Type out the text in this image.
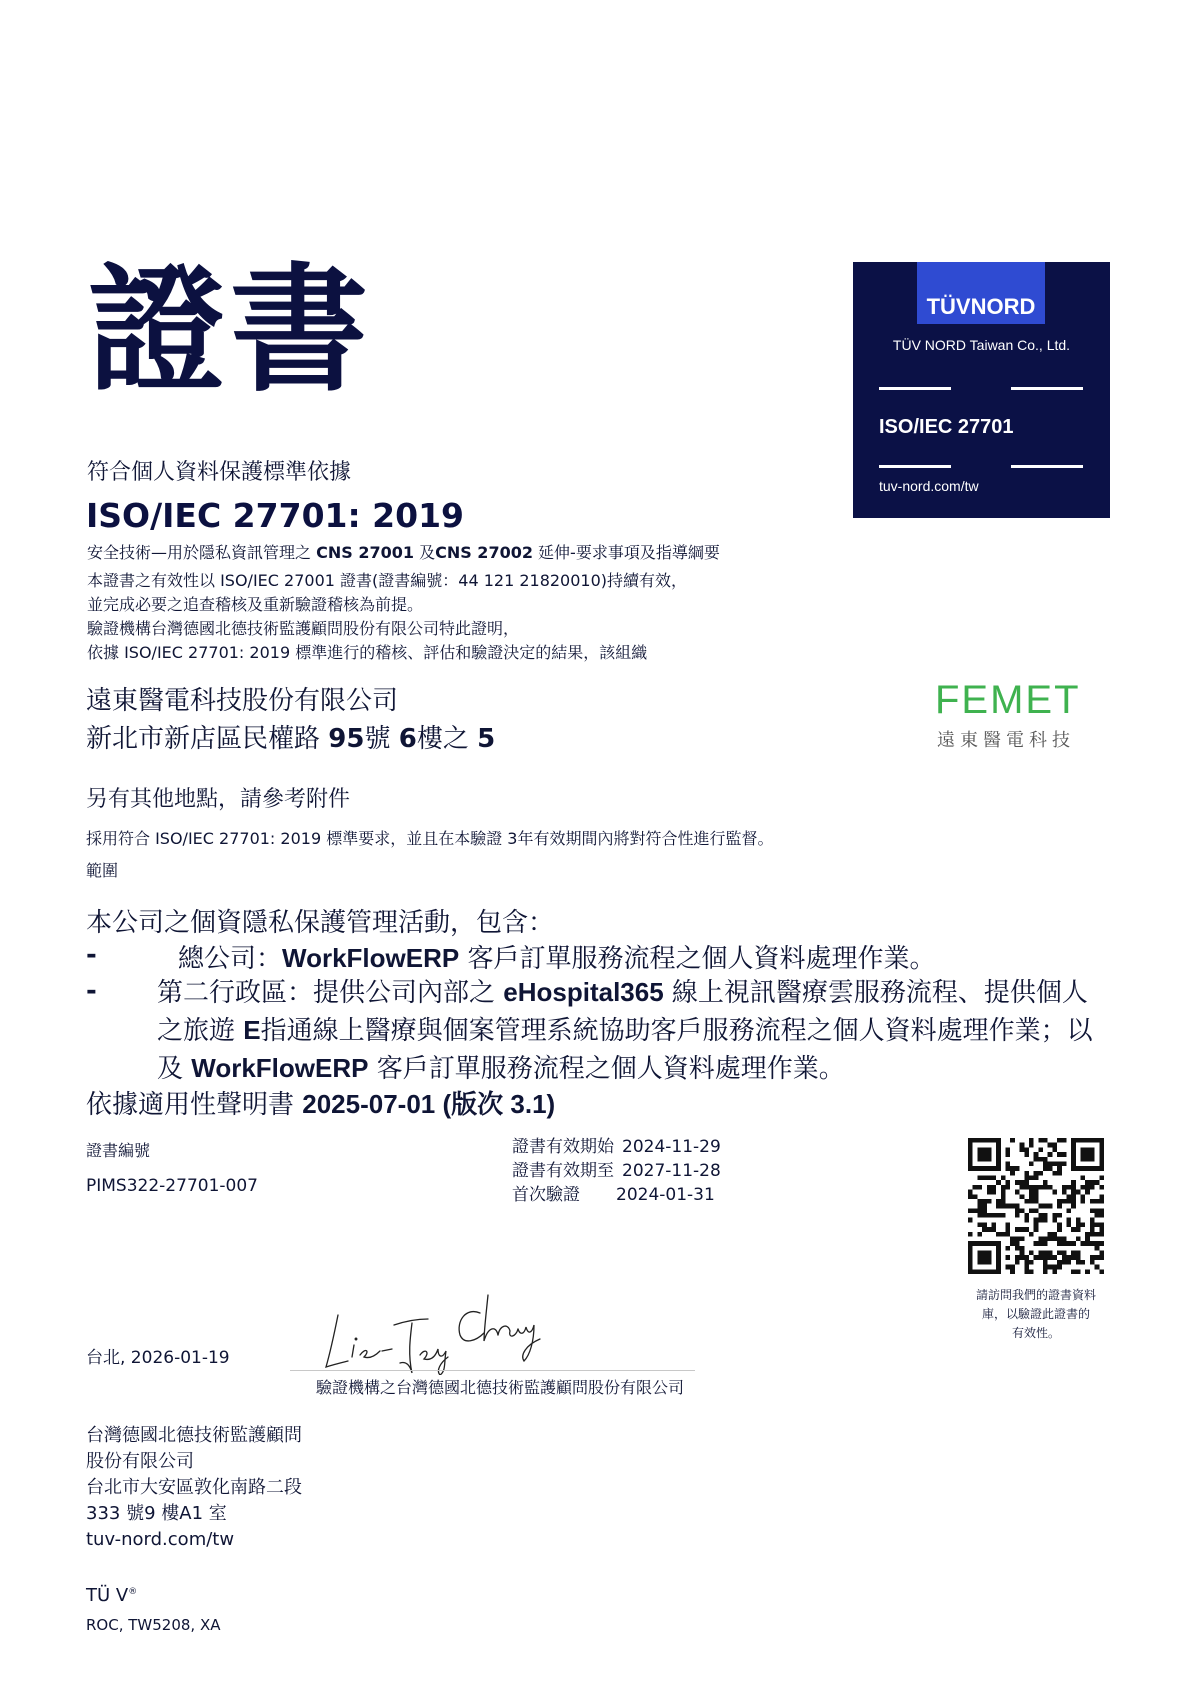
證書
符合個人資料保護標準依據
ISO/IEC 27701: 2019
安全技術—用於隱私資訊管理之 CNS 27001 及CNS 27002 延伸-要求事項及指導綱要
本證書之有效性以 ISO/IEC 27001 證書(證書編號：44 121 21820010)持續有效，
並完成必要之追查稽核及重新驗證稽核為前提。
驗證機構台灣德國北德技術監護顧問股份有限公司特此證明，
依據 ISO/IEC 27701: 2019 標準進行的稽核、評估和驗證決定的結果，該組織
遠東醫電科技股份有限公司
新北市新店區民權路 95號 6樓之 5
另有其他地點，請參考附件
採用符合 ISO/IEC 27701: 2019 標準要求，並且在本驗證 3年有效期間內將對符合性進行監督。
範圍
本公司之個資隱私保護管理活動，包含：
-	總公司：WorkFlowERP 客戶訂單服務流程之個人資料處理作業。
- 第二行政區：提供公司內部之 eHospital365 線上視訊醫療雲服務流程、提供個人之旅遊 E指通線上醫療與個案管理系統協助客戶服務流程之個人資料處理作業；以及 WorkFlowERP 客戶訂單服務流程之個人資料處理作業。
依據適用性聲明書 2025-07-01 (版次 3.1)
證書編號
PIMS322-27701-007
證書有效期始 2024-11-29
證書有效期至 2027-11-28
首次驗證 2024-01-31
台北, 2026-01-19
驗證機構之台灣德國北德技術監護顧問股份有限公司
台灣德國北德技術監護顧問
股份有限公司
台北市大安區敦化南路二段
333 號9 樓A1 室
tuv-nord.com/tw
TÜ V®
ROC, TW5208, XA
TÜVNORD
TÜV NORD Taiwan Co., Ltd.
ISO/IEC 27701
tuv-nord.com/tw
FEMET
遠東醫電科技
請訪問我們的證書資料
庫，以驗證此證書的
有效性。
